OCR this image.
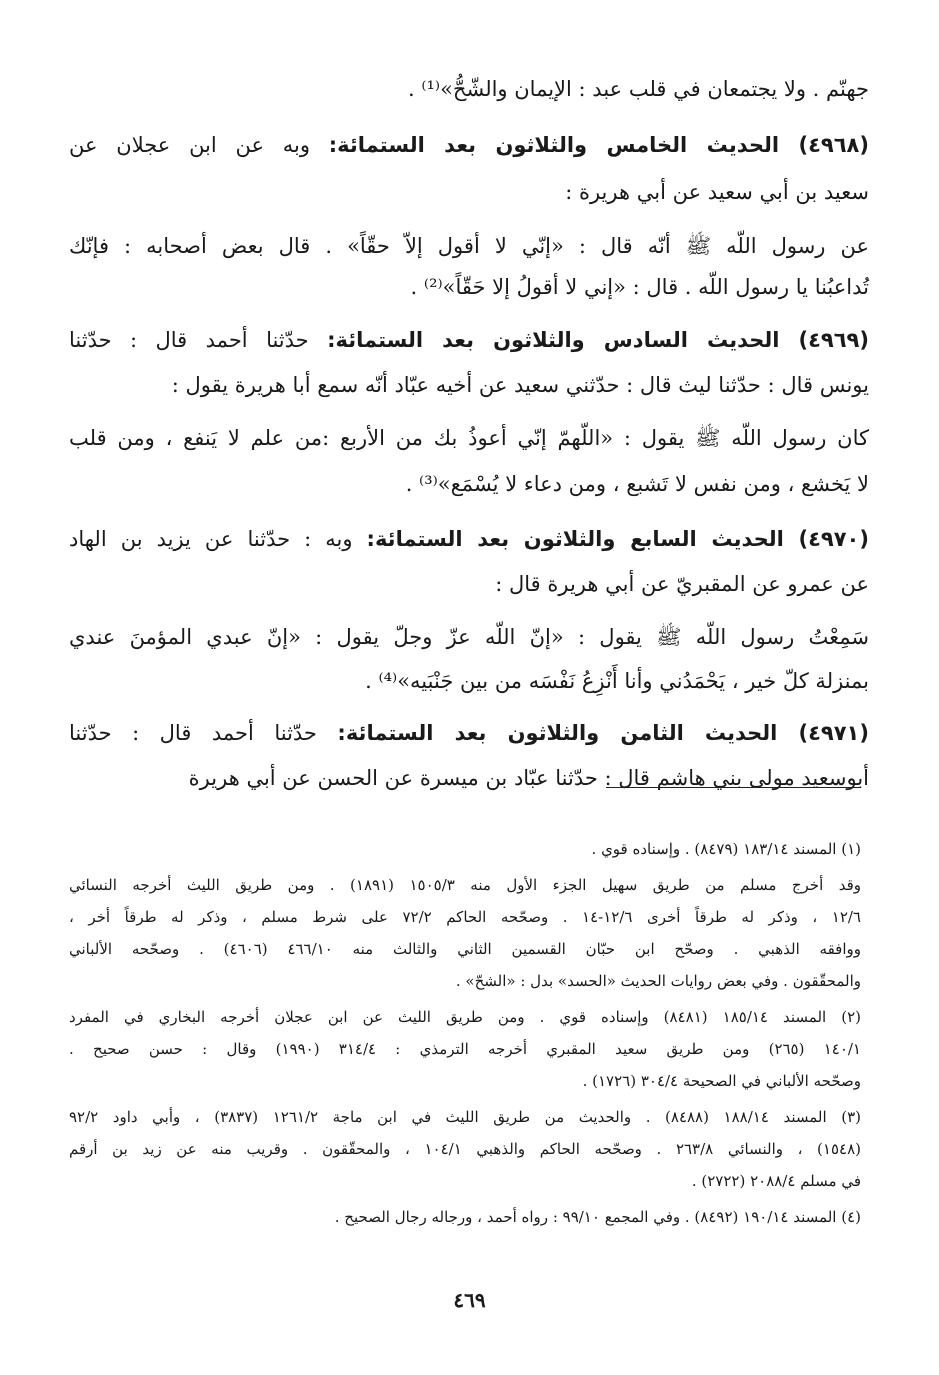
جهنّم . ولا يجتمعان في قلب عبد : الإيمان والشّحُّ»⁽¹⁾ .

(٤٩٦٨) الحديث الخامس والثلاثون بعد الستمائة: وبه عن ابن عجلان عن

سعيد بن أبي سعيد عن أبي هريرة :

عن رسول اللّه ﷺ أنّه قال : «إنّي لا أقول إلاّ حقّاً» . قال بعض أصحابه : فإنّك

تُداعبُنا يا رسول اللّه . قال : «إني لا أقولُ إلا حَقّاً»⁽²⁾ .

(٤٩٦٩) الحديث السادس والثلاثون بعد الستمائة: حدّثنا أحمد قال : حدّثنا

يونس قال : حدّثنا ليث قال : حدّثني سعيد عن أخيه عبّاد أنّه سمع أبا هريرة يقول :

كان رسول اللّه ﷺ يقول : «اللّهمّ إنّي أعوذُ بك من الأربع :من علم لا يَنفع ، ومن قلب

لا يَخشع ، ومن نفس لا تَشبع ، ومن دعاء لا يُسْمَع»⁽³⁾ .

(٤٩٧٠) الحديث السابع والثلاثون بعد الستمائة: وبه : حدّثنا عن يزيد بن الهاد

عن عمرو عن المقبريّ عن أبي هريرة قال :

سَمِعْتُ رسول اللّه ﷺ يقول : «إنّ اللّه عزّ وجلّ يقول : «إنّ عبدي المؤمنَ عندي

بمنزلة كلّ خير ، يَحْمَدُني وأنا أَنْزِعُ نَفْسَه من بين جَنْبَيه»⁽⁴⁾ .

(٤٩٧١) الحديث الثامن والثلاثون بعد الستمائة: حدّثنا أحمد قال : حدّثنا

أبوسعيد مولى بني هاشم قال : حدّثنا عبّاد بن ميسرة عن الحسن عن أبي هريرة

(١) المسند ١٨٣/١٤ (٨٤٧٩) . وإسناده قوي .

وقد أخرج مسلم من طريق سهيل الجزء الأول منه ١٥٠٥/٣ (١٨٩١) . ومن طريق الليث أخرجه النسائي

١٢/٦ ، وذكر له طرقاً أخرى ١٢/٦-١٤ . وصحّحه الحاكم ٧٢/٢ على شرط مسلم ، وذكر له طرقاً أخر ،

ووافقه الذهبي . وصحّح ابن حبّان القسمين الثاني والثالث منه ٤٦٦/١٠ (٤٦٠٦) . وصحّحه الألباني

والمحقّقون . وفي بعض روايات الحديث «الحسد» بدل : «الشحّ» .

(٢) المسند ١٨٥/١٤ (٨٤٨١) وإسناده قوي . ومن طريق الليث عن ابن عجلان أخرجه البخاري في المفرد

١٤٠/١ (٢٦٥) ومن طريق سعيد المقبري أخرجه الترمذي : ٣١٤/٤ (١٩٩٠) وقال : حسن صحيح .

وصحّحه الألباني في الصحيحة ٣٠٤/٤ (١٧٢٦) .

(٣) المسند ١٨٨/١٤ (٨٤٨٨) . والحديث من طريق الليث في ابن ماجة ١٢٦١/٢ (٣٨٣٧) ، وأبي داود ٩٢/٢

(١٥٤٨) ، والنسائي ٢٦٣/٨ . وصحّحه الحاكم والذهبي ١٠٤/١ ، والمحقّقون . وقريب منه عن زيد بن أرقم

في مسلم ٢٠٨٨/٤ (٢٧٢٢) .

(٤) المسند ١٩٠/١٤ (٨٤٩٢) . وفي المجمع ٩٩/١٠ : رواه أحمد ، ورجاله رجال الصحيح .

٤٦٩
